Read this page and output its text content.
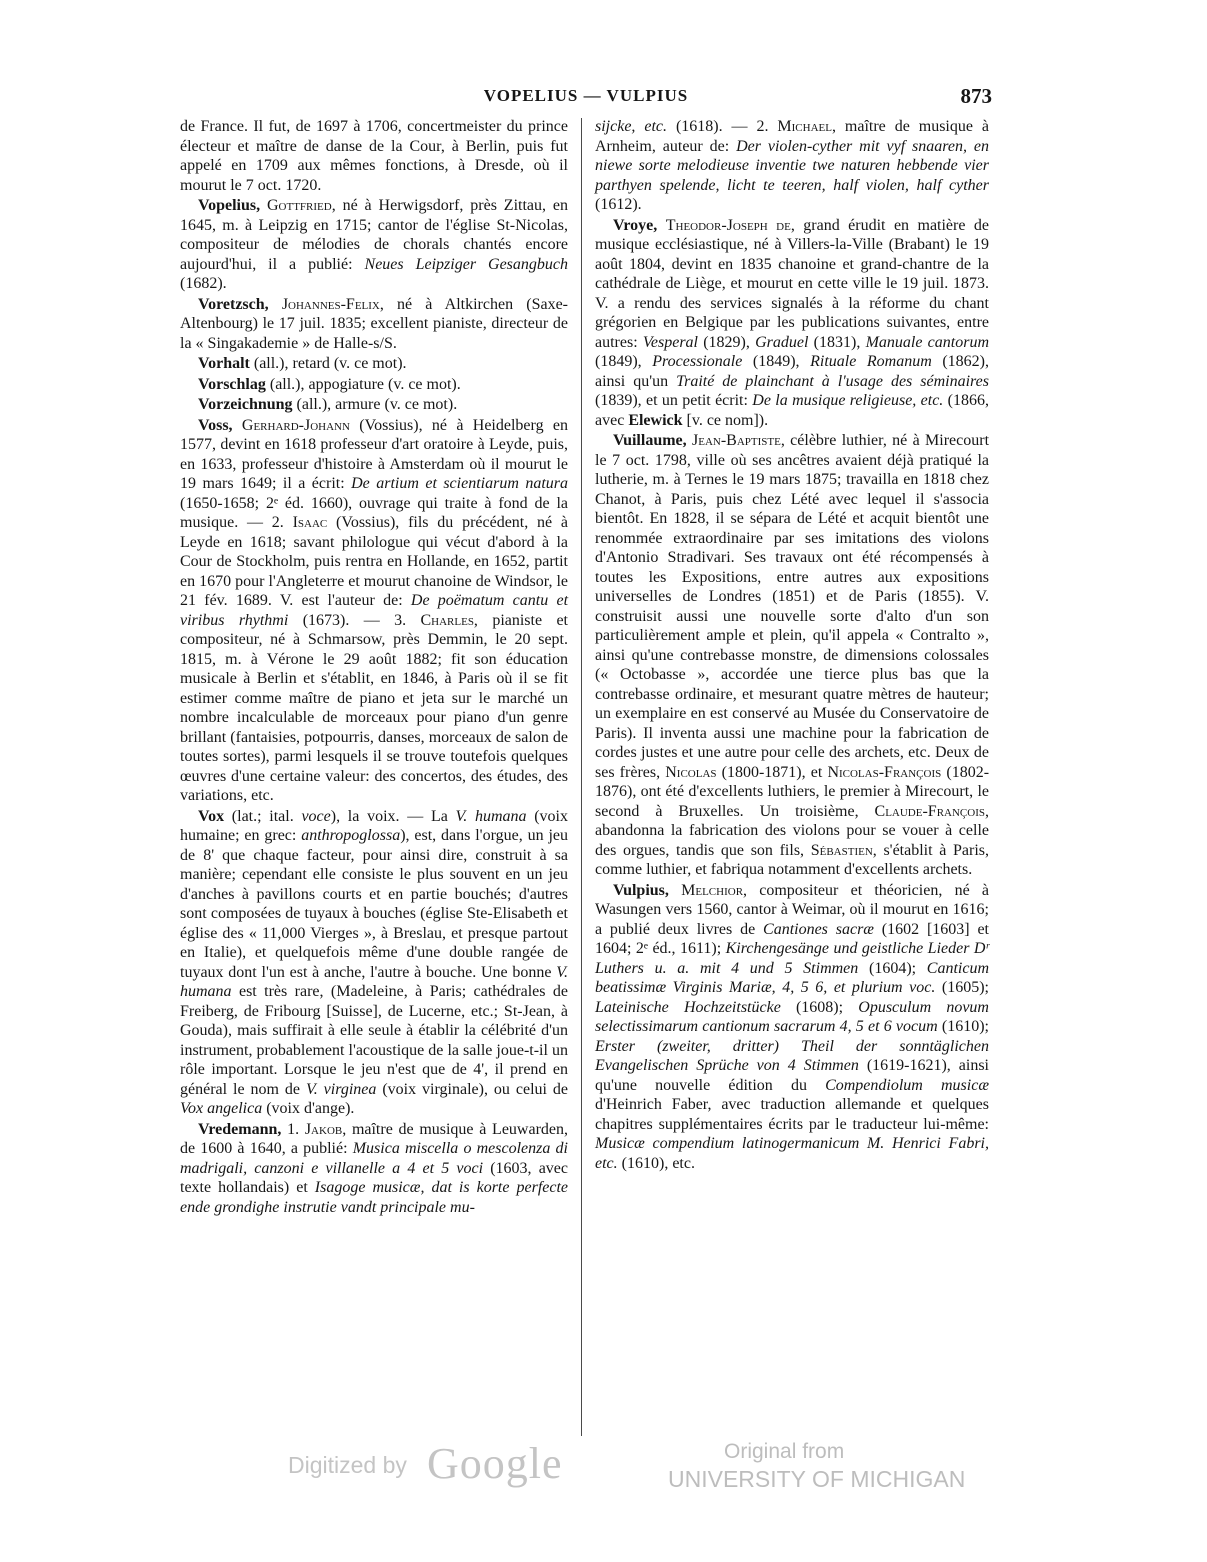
VOPELIUS — VULPIUS	873

de France. Il fut, de 1697 à 1706, concertmeister du prince électeur et maître de danse de la Cour, à Berlin, puis fut appelé en 1709 aux mêmes fonctions, à Dresde, où il mourut le 7 oct. 1720.

Vopelius, Gottfried, né à Herwigsdorf, près Zittau, en 1645, m. à Leipzig en 1715; cantor de l'église St-Nicolas, compositeur de mélodies de chorals chantés encore aujourd'hui, il a publié: Neues Leipziger Gesangbuch (1682).

Voretzsch, Johannes-Felix, né à Altkirchen (Saxe-Altenbourg) le 17 juil. 1835; excellent pianiste, directeur de la « Singakademie » de Halle-s/S.

Vorhalt (all.), retard (v. ce mot).

Vorschlag (all.), appogiature (v. ce mot).

Vorzeichnung (all.), armure (v. ce mot).

Voss, Gerhard-Johann (Vossius), né à Heidelberg en 1577, devint en 1618 professeur d'art oratoire à Leyde, puis, en 1633, professeur d'histoire à Amsterdam où il mourut le 19 mars 1649; il a écrit: De artium et scientiarum natura (1650-1658; 2ᵉ éd. 1660), ouvrage qui traite à fond de la musique. — 2. Isaac (Vossius), fils du précédent, né à Leyde en 1618; savant philologue qui vécut d'abord à la Cour de Stockholm, puis rentra en Hollande, en 1652, partit en 1670 pour l'Angleterre et mourut chanoine de Windsor, le 21 fév. 1689. V. est l'auteur de: De poëmatum cantu et viribus rhythmi (1673). — 3. Charles, pianiste et compositeur, né à Schmarsow, près Demmin, le 20 sept. 1815, m. à Vérone le 29 août 1882; fit son éducation musicale à Berlin et s'établit, en 1846, à Paris où il se fit estimer comme maître de piano et jeta sur le marché un nombre incalculable de morceaux pour piano d'un genre brillant (fantaisies, potpourris, danses, morceaux de salon de toutes sortes), parmi lesquels il se trouve toutefois quelques œuvres d'une certaine valeur: des concertos, des études, des variations, etc.

Vox (lat.; ital. voce), la voix. — La V. humana (voix humaine; en grec: anthropoglossa), est, dans l'orgue, un jeu de 8' que chaque facteur, pour ainsi dire, construit à sa manière; cependant elle consiste le plus souvent en un jeu d'anches à pavillons courts et en partie bouchés; d'autres sont composées de tuyaux à bouches (église Ste-Elisabeth et église des « 11,000 Vierges », à Breslau, et presque partout en Italie), et quelquefois même d'une double rangée de tuyaux dont l'un est à anche, l'autre à bouche. Une bonne V. humana est très rare, (Madeleine, à Paris; cathédrales de Freiberg, de Fribourg [Suisse], de Lucerne, etc.; St-Jean, à Gouda), mais suffirait à elle seule à établir la célébrité d'un instrument, probablement l'acoustique de la salle joue-t-il un rôle important. Lorsque le jeu n'est que de 4', il prend en général le nom de V. virginea (voix virginale), ou celui de Vox angelica (voix d'ange).

Vredemann, 1. Jakob, maître de musique à Leuwarden, de 1600 à 1640, a publié: Musica miscella o mescolenza di madrigali, canzoni e villanelle a 4 et 5 voci (1603, avec texte hollandais) et Isagoge musicæ, dat is korte perfecte ende grondighe instrutie vandt principale mu-

sijcke, etc. (1618). — 2. Michael, maître de musique à Arnheim, auteur de: Der violen-cyther mit vyf snaaren, en niewe sorte melodieuse inventie twe naturen hebbende vier parthyen spelende, licht te teeren, half violen, half cyther (1612).

Vroye, Theodor-Joseph de, grand érudit en matière de musique ecclésiastique, né à Villers-la-Ville (Brabant) le 19 août 1804, devint en 1835 chanoine et grand-chantre de la cathédrale de Liège, et mourut en cette ville le 19 juil. 1873. V. a rendu des services signalés à la réforme du chant grégorien en Belgique par les publications suivantes, entre autres: Vesperal (1829), Graduel (1831), Manuale cantorum (1849), Processionale (1849), Rituale Romanum (1862), ainsi qu'un Traité de plainchant à l'usage des séminaires (1839), et un petit écrit: De la musique religieuse, etc. (1866, avec Elewick [v. ce nom]).

Vuillaume, Jean-Baptiste, célèbre luthier, né à Mirecourt le 7 oct. 1798, ville où ses ancêtres avaient déjà pratiqué la lutherie, m. à Ternes le 19 mars 1875; travailla en 1818 chez Chanot, à Paris, puis chez Lété avec lequel il s'associa bientôt. En 1828, il se sépara de Lété et acquit bientôt une renommée extraordinaire par ses imitations des violons d'Antonio Stradivari. Ses travaux ont été récompensés à toutes les Expositions, entre autres aux expositions universelles de Londres (1851) et de Paris (1855). V. construisit aussi une nouvelle sorte d'alto d'un son particulièrement ample et plein, qu'il appela « Contralto », ainsi qu'une contrebasse monstre, de dimensions colossales (« Octobasse », accordée une tierce plus bas que la contrebasse ordinaire, et mesurant quatre mètres de hauteur; un exemplaire en est conservé au Musée du Conservatoire de Paris). Il inventa aussi une machine pour la fabrication de cordes justes et une autre pour celle des archets, etc. Deux de ses frères, Nicolas (1800-1871), et Nicolas-François (1802-1876), ont été d'excellents luthiers, le premier à Mirecourt, le second à Bruxelles. Un troisième, Claude-François, abandonna la fabrication des violons pour se vouer à celle des orgues, tandis que son fils, Sébastien, s'établit à Paris, comme luthier, et fabriqua notamment d'excellents archets.

Vulpius, Melchior, compositeur et théoricien, né à Wasungen vers 1560, cantor à Weimar, où il mourut en 1616; a publié deux livres de Cantiones sacræ (1602 [1603] et 1604; 2ᵉ éd., 1611); Kirchengesänge und geistliche Lieder Dʳ Luthers u. a. mit 4 und 5 Stimmen (1604); Canticum beatissimæ Virginis Mariæ, 4, 5 6, et plurium voc. (1605); Lateinische Hochzeitstücke (1608); Opusculum novum selectissimarum cantionum sacrarum 4, 5 et 6 vocum (1610); Erster (zweiter, dritter) Theil der sonntäglichen Evangelischen Sprüche von 4 Stimmen (1619-1621), ainsi qu'une nouvelle édition du Compendiolum musicæ d'Heinrich Faber, avec traduction allemande et quelques chapitres supplémentaires écrits par le traducteur lui-même: Musicæ compendium latinogermanicum M. Henrici Fabri, etc. (1610), etc.

Digitized by Google	Original from
UNIVERSITY OF MICHIGAN
